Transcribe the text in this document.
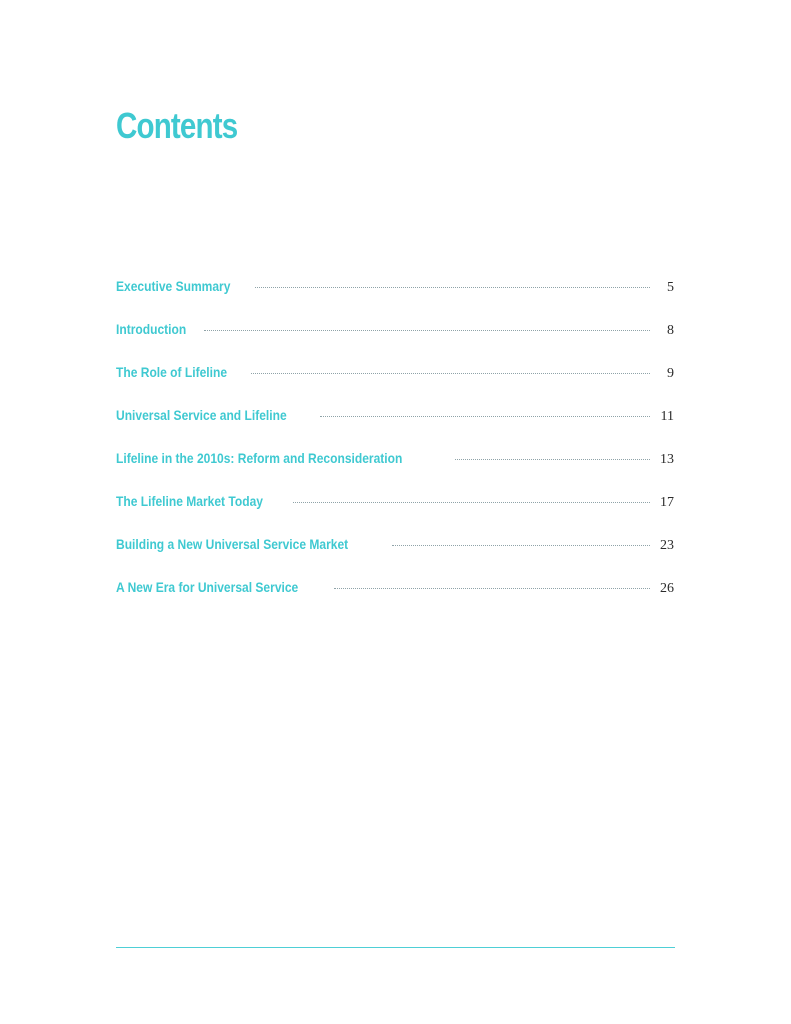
Contents
Executive Summary	5
Introduction	8
The Role of Lifeline	9
Universal Service and Lifeline	11
Lifeline in the 2010s: Reform and Reconsideration	13
The Lifeline Market Today	17
Building a New Universal Service Market	23
A New Era for Universal Service	26
